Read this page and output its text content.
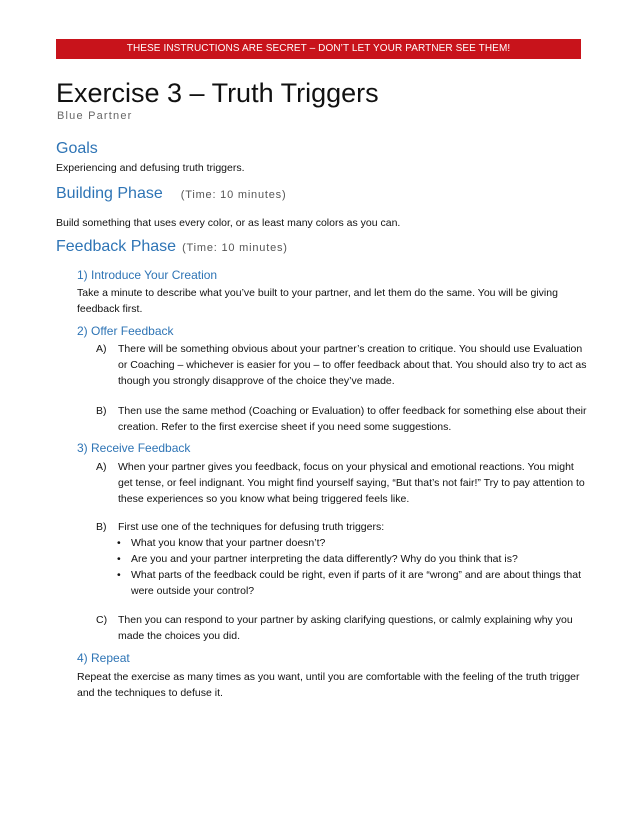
THESE INSTRUCTIONS ARE SECRET – DON’T LET YOUR PARTNER SEE THEM!
Exercise 3 – Truth Triggers
Blue Partner
Goals

Experiencing and defusing truth triggers.

Building Phase (Time: 10 minutes)

Build something that uses every color, or as least many colors as you can.

Feedback Phase (Time: 10 minutes)
1) Introduce Your Creation

Take a minute to describe what you’ve built to your partner, and let them do the same. You will be giving feedback first.

2) Offer Feedback
A)	There will be something obvious about your partner’s creation to critique. You should use Evaluation or Coaching – whichever is easier for you – to offer feedback about that. You should also try to act as though you strongly disapprove of the choice they’ve made.
B)	Then use the same method (Coaching or Evaluation) to offer feedback for something else about their creation. Refer to the first exercise sheet if you need some suggestions.
3) Receive Feedback
A)	When your partner gives you feedback, focus on your physical and emotional reactions. You might get tense, or feel indignant. You might find yourself saying, “But that’s not fair!” Try to pay attention to these experiences so you know what being triggered feels like.
B)	First use one of the techniques for defusing truth triggers:
• What you know that your partner doesn’t?
• Are you and your partner interpreting the data differently? Why do you think that is?
• What parts of the feedback could be right, even if parts of it are “wrong” and are about things that were outside your control?
C)	Then you can respond to your partner by asking clarifying questions, or calmly explaining why you made the choices you did.
4) Repeat

Repeat the exercise as many times as you want, until you are comfortable with the feeling of the truth trigger and the techniques to defuse it.
